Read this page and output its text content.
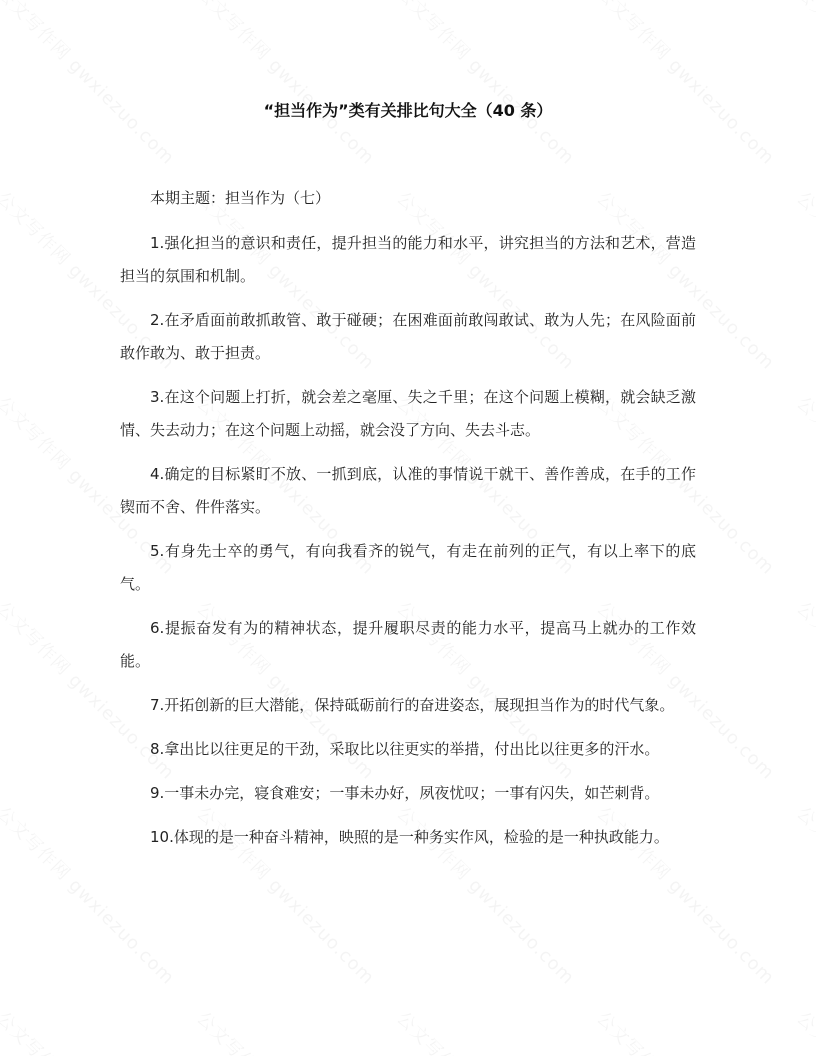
“担当作为”类有关排比句大全（40 条）

本期主题：担当作为（七）

1.强化担当的意识和责任，提升担当的能力和水平，讲究担当的方法和艺术，营造担当的氛围和机制。

2.在矛盾面前敢抓敢管、敢于碰硬；在困难面前敢闯敢试、敢为人先；在风险面前敢作敢为、敢于担责。

3.在这个问题上打折，就会差之毫厘、失之千里；在这个问题上模糊，就会缺乏激情、失去动力；在这个问题上动摇，就会没了方向、失去斗志。

4.确定的目标紧盯不放、一抓到底，认准的事情说干就干、善作善成，在手的工作锲而不舍、件件落实。

5.有身先士卒的勇气，有向我看齐的锐气，有走在前列的正气，有以上率下的底气。

6.提振奋发有为的精神状态，提升履职尽责的能力水平，提高马上就办的工作效能。

7.开拓创新的巨大潜能，保持砥砺前行的奋进姿态，展现担当作为的时代气象。

8.拿出比以往更足的干劲，采取比以往更实的举措，付出比以往更多的汗水。

9.一事未办完，寝食难安；一事未办好，夙夜忧叹；一事有闪失，如芒刺背。

10.体现的是一种奋斗精神，映照的是一种务实作风，检验的是一种执政能力。
